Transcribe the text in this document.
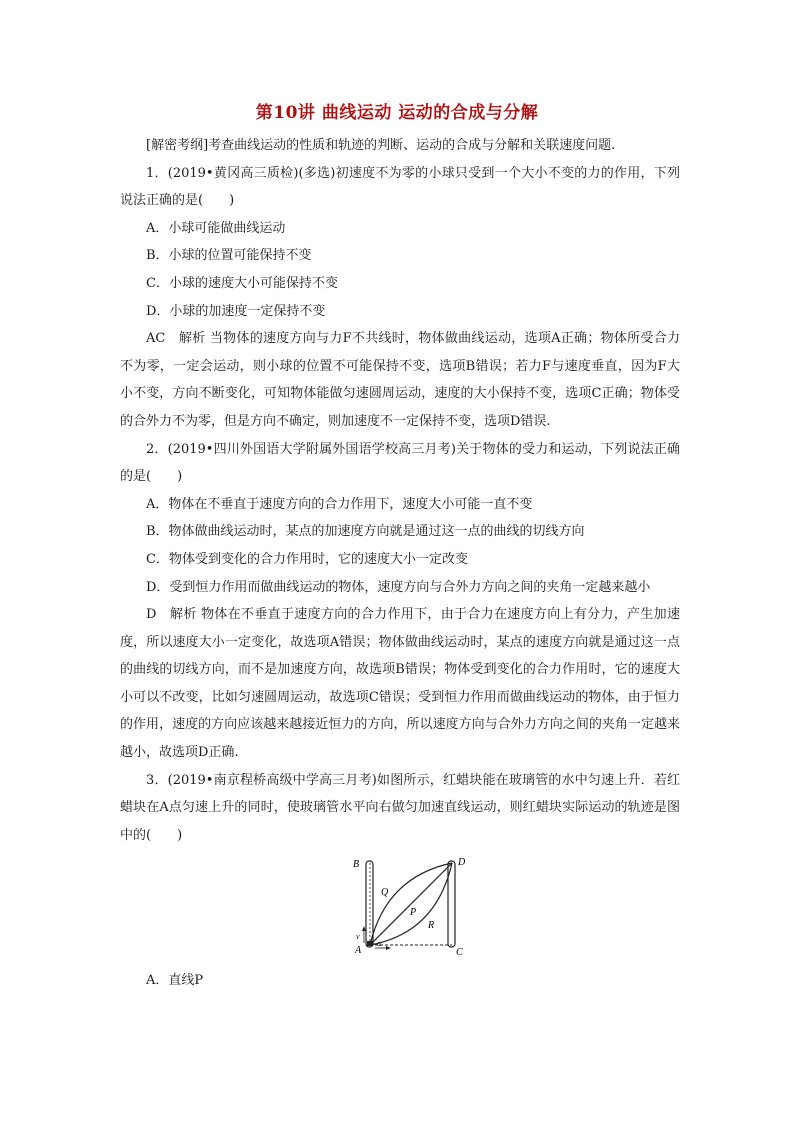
第10讲 曲线运动 运动的合成与分解

[解密考纲]考查曲线运动的性质和轨迹的判断、运动的合成与分解和关联速度问题.

1．(2019•黄冈高三质检)(多选)初速度不为零的小球只受到一个大小不变的力的作用，下列说法正确的是(　　)

A．小球可能做曲线运动

B．小球的位置可能保持不变

C．小球的速度大小可能保持不变

D．小球的加速度一定保持不变

AC　解析 当物体的速度方向与力F不共线时，物体做曲线运动，选项A正确；物体所受合力不为零，一定会运动，则小球的位置不可能保持不变，选项B错误；若力F与速度垂直，因为F大小不变，方向不断变化，可知物体能做匀速圆周运动，速度的大小保持不变，选项C正确；物体受的合外力不为零，但是方向不确定，则加速度不一定保持不变，选项D错误.

2．(2019•四川外国语大学附属外国语学校高三月考)关于物体的受力和运动，下列说法正确的是(　　)

A．物体在不垂直于速度方向的合力作用下，速度大小可能一直不变

B．物体做曲线运动时，某点的加速度方向就是通过这一点的曲线的切线方向

C．物体受到变化的合力作用时，它的速度大小一定改变

D．受到恒力作用而做曲线运动的物体，速度方向与合外力方向之间的夹角一定越来越小

D　解析 物体在不垂直于速度方向的合力作用下，由于合力在速度方向上有分力，产生加速度，所以速度大小一定变化，故选项A错误；物体做曲线运动时，某点的速度方向就是通过这一点的曲线的切线方向，而不是加速度方向，故选项B错误；物体受到变化的合力作用时，它的速度大小可以不改变，比如匀速圆周运动，故选项C错误；受到恒力作用而做曲线运动的物体，由于恒力的作用，速度的方向应该越来越接近恒力的方向，所以速度方向与合外力方向之间的夹角一定越来越小，故选项D正确.

3．(2019•南京程桥高级中学高三月考)如图所示，红蜡块能在玻璃管的水中匀速上升．若红蜡块在A点匀速上升的同时，使玻璃管水平向右做匀加速直线运动，则红蜡块实际运动的轨迹是图中的(　　)

B	D
Q
P
R
v
A
a
C

A．直线P
